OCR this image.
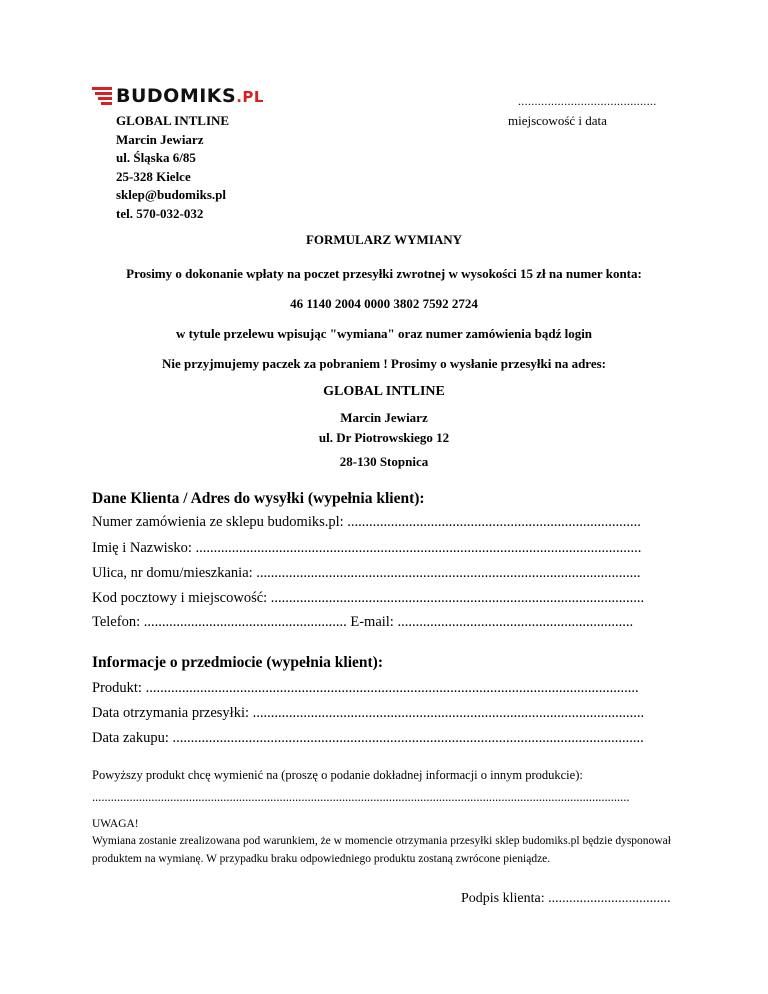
BUDOMIKS.PL
GLOBAL INTLINE
Marcin Jewiarz
ul. Śląska 6/85
25-328 Kielce
sklep@budomiks.pl
tel. 570-032-032
..........................................
miejscowość i data
FORMULARZ WYMIANY
Prosimy o dokonanie wpłaty na poczet przesyłki zwrotnej w wysokości 15 zł na numer konta:
46 1140 2004 0000 3802 7592 2724
w tytule przelewu wpisując "wymiana" oraz numer zamówienia bądź login
Nie przyjmujemy paczek za pobraniem ! Prosimy o wysłanie przesyłki na adres:
GLOBAL INTLINE
Marcin Jewiarz
ul. Dr Piotrowskiego 12
28-130 Stopnica
Dane Klienta / Adres do wysyłki (wypełnia klient):
Numer zamówienia ze sklepu budomiks.pl: .................................................................................
Imię i Nazwisko: ...........................................................................................................................
Ulica, nr domu/mieszkania: ..........................................................................................................
Kod pocztowy i miejscowość: .......................................................................................................
Telefon: ........................................................ E-mail: .................................................................
Informacje o przedmiocie (wypełnia klient):
Produkt: ........................................................................................................................................
Data otrzymania przesyłki: ............................................................................................................
Data zakupu: ..................................................................................................................................
Powyższy produkt chcę wymienić na (proszę o podanie dokładnej informacji o innym produkcie):
............................................................................................................................................................................
UWAGA!
Wymiana zostanie zrealizowana pod warunkiem, że w momencie otrzymania przesyłki sklep budomiks.pl będzie dysponował produktem na wymianę. W przypadku braku odpowiedniego produktu zostaną zwrócone pieniądze.
Podpis klienta: ...................................
